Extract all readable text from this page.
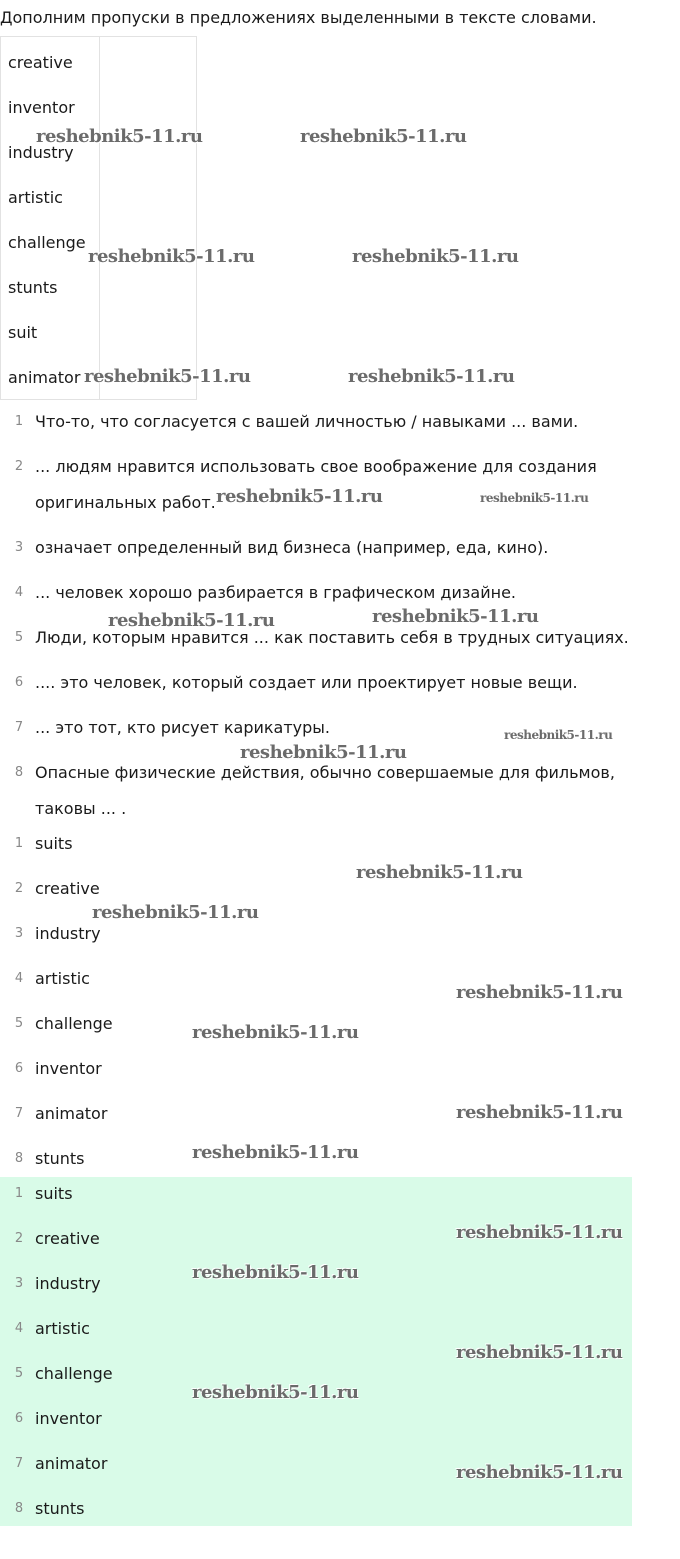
Дополним пропуски в предложениях выделенными в тексте словами.
creative
inventor
industry
artistic
challenge
stunts
suit
animator
1 Что-то, что согласуется с вашей личностью / навыками ... вами.
2 ... людям нравится использовать свое воображение для создания
оригинальных работ.
3 означает определенный вид бизнеса (например, еда, кино).
4 ... человек хорошо разбирается в графическом дизайне.
5 Люди, которым нравится ... как поставить себя в трудных ситуациях.
6 .... это человек, который создает или проектирует новые вещи.
7 ... это тот, кто рисует карикатуры.
8 Опасные физические действия, обычно совершаемые для фильмов,
таковы ... .
1 suits
2 creative
3 industry
4 artistic
5 challenge
6 inventor
7 animator
8 stunts
1 suits
2 creative
3 industry
4 artistic
5 challenge
6 inventor
7 animator
8 stunts
reshebnik5-11.ru	reshebnik5-11.ru
reshebnik5-11.ru	reshebnik5-11.ru
reshebnik5-11.ru	reshebnik5-11.ru
reshebnik5-11.ru	reshebnik5-11.ru
reshebnik5-11.ru	reshebnik5-11.ru
reshebnik5-11.ru
reshebnik5-11.ru
reshebnik5-11.ru
reshebnik5-11.ru
reshebnik5-11.ru
reshebnik5-11.ru
reshebnik5-11.ru
reshebnik5-11.ru
reshebnik5-11.ru
reshebnik5-11.ru
reshebnik5-11.ru
reshebnik5-11.ru
reshebnik5-11.ru
